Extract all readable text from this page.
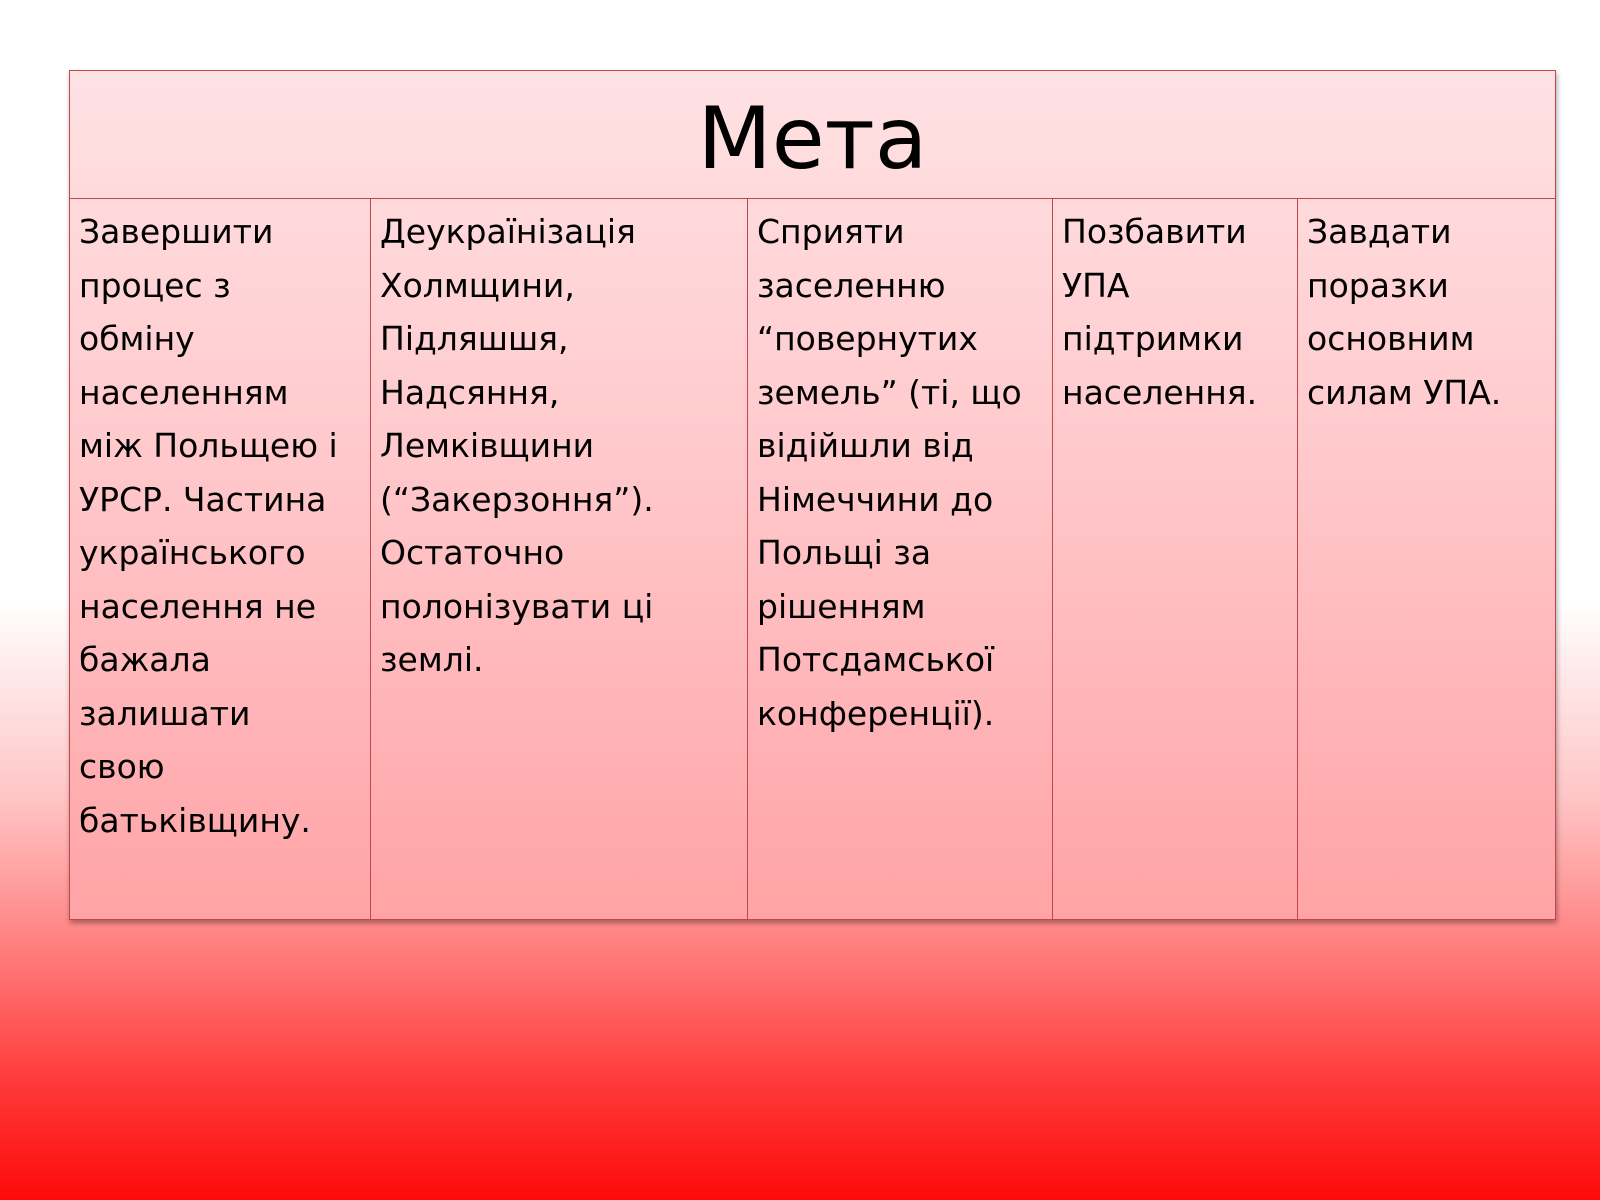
Мета
Завершити
процес з
обміну
населенням
між Польщею і
УРСР. Частина
українського
населення не
бажала
залишати
свою
батьківщину.
Деукраїнізація
Холмщини,
Підляшшя,
Надсяння,
Лемківщини
(“Закерзоння”).
Остаточно
полонізувати ці
землі.
Сприяти
заселенню
“повернутих
земель” (ті, що
відійшли від
Німеччини до
Польщі за
рішенням
Потсдамської
конференції).
Позбавити
УПА
підтримки
населення.
Завдати
поразки
основним
силам УПА.
